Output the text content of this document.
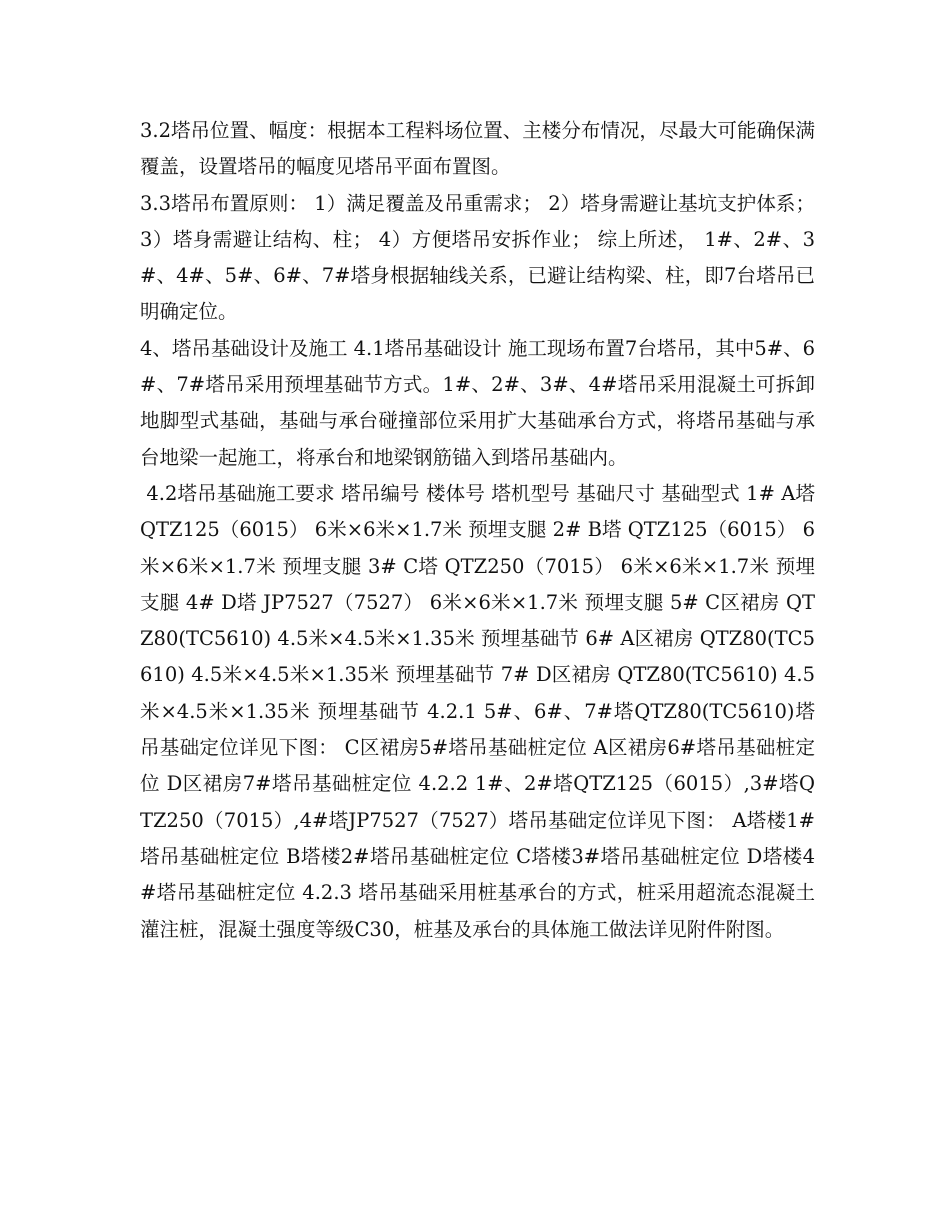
3.2塔吊位置、幅度：根据本工程料场位置、主楼分布情况，尽最大可能确保满覆盖，设置塔吊的幅度见塔吊平面布置图。

3.3塔吊布置原则： 1）满足覆盖及吊重需求； 2）塔身需避让基坑支护体系； 3）塔身需避让结构、柱； 4）方便塔吊安拆作业； 综上所述， 1#、2#、3#、4#、5#、6#、7#塔身根据轴线关系，已避让结构梁、柱，即7台塔吊已明确定位。

4、塔吊基础设计及施工 4.1塔吊基础设计 施工现场布置7台塔吊，其中5#、6#、7#塔吊采用预埋基础节方式。1#、2#、3#、4#塔吊采用混凝土可拆卸地脚型式基础，基础与承台碰撞部位采用扩大基础承台方式，将塔吊基础与承台地梁一起施工，将承台和地梁钢筋锚入到塔吊基础内。

4.2塔吊基础施工要求 塔吊编号 楼体号 塔机型号 基础尺寸 基础型式 1# A塔 QTZ125（6015） 6米×6米×1.7米 预埋支腿 2# B塔 QTZ125（6015） 6米×6米×1.7米 预埋支腿 3# C塔 QTZ250（7015） 6米×6米×1.7米 预埋支腿 4# D塔 JP7527（7527） 6米×6米×1.7米 预埋支腿 5# C区裙房 QTZ80(TC5610) 4.5米×4.5米×1.35米 预埋基础节 6# A区裙房 QTZ80(TC5610) 4.5米×4.5米×1.35米 预埋基础节 7# D区裙房 QTZ80(TC5610) 4.5米×4.5米×1.35米 预埋基础节 4.2.1 5#、6#、7#塔QTZ80(TC5610)塔吊基础定位详见下图： C区裙房5#塔吊基础桩定位 A区裙房6#塔吊基础桩定位 D区裙房7#塔吊基础桩定位 4.2.2 1#、2#塔QTZ125（6015）,3#塔QTZ250（7015）,4#塔JP7527（7527）塔吊基础定位详见下图： A塔楼1#塔吊基础桩定位 B塔楼2#塔吊基础桩定位 C塔楼3#塔吊基础桩定位 D塔楼4#塔吊基础桩定位 4.2.3 塔吊基础采用桩基承台的方式，桩采用超流态混凝土灌注桩，混凝土强度等级C30，桩基及承台的具体施工做法详见附件附图。
